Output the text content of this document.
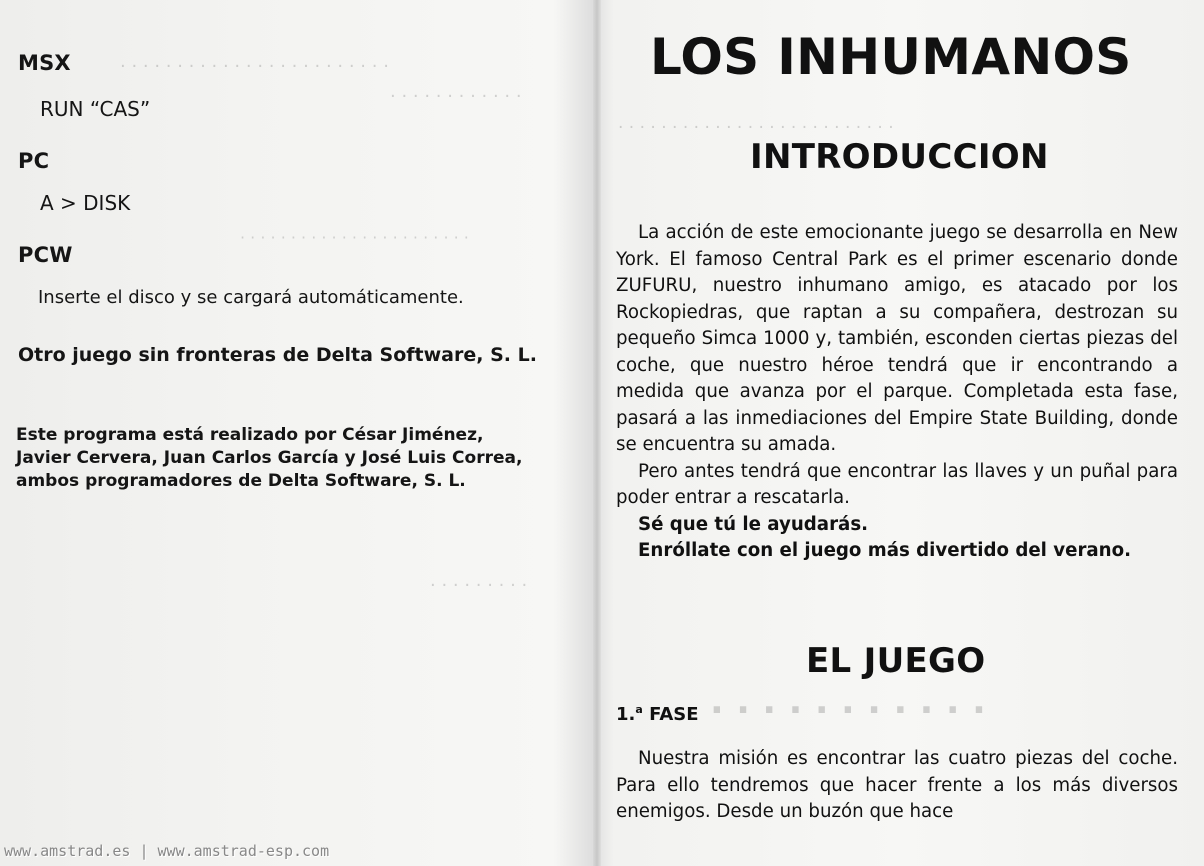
· · · · · · · · · · · · · · · · · · · · · · · ·
· · · · · · · · · · · ·
· · · · · · · · · · · · · · · · · · · · · · ·
· · · · · · · · ·
MSX
RUN “CAS”
PC
A > DISK
PCW
Inserte el disco y se cargará automáticamente.
Otro juego sin fronteras de Delta Software, S. L.
Este programa está realizado por César Jiménez,
Javier Cervera, Juan Carlos García y José Luis Correa,
ambos programadores de Delta Software, S. L.
· · · · · · · · · · · · · · · · · · · · · · · · · ·
· · · · · · · · · · ·
LOS INHUMANOS
INTRODUCCION

La acción de este emocionante juego se desarrolla en New York. El famoso Central Park es el primer escenario donde ZUFURU, nuestro inhumano amigo, es atacado por los Rockopiedras, que raptan a su compañera, destrozan su pequeño Simca 1000 y, también, esconden ciertas piezas del coche, que nuestro héroe tendrá que ir encontrando a medida que avanza por el parque. Completada esta fase, pasará a las inmediaciones del Empire State Building, donde se encuentra su amada.

Pero antes tendrá que encontrar las llaves y un puñal para poder entrar a rescatarla.

Sé que tú le ayudarás.

Enróllate con el juego más divertido del verano.

EL JUEGO
1.$^a$ FASE

Nuestra misión es encontrar las cuatro piezas del coche. Para ello tendremos que hacer frente a los más diversos enemigos. Desde un buzón que hace

www.amstrad.es | www.amstrad-esp.com
